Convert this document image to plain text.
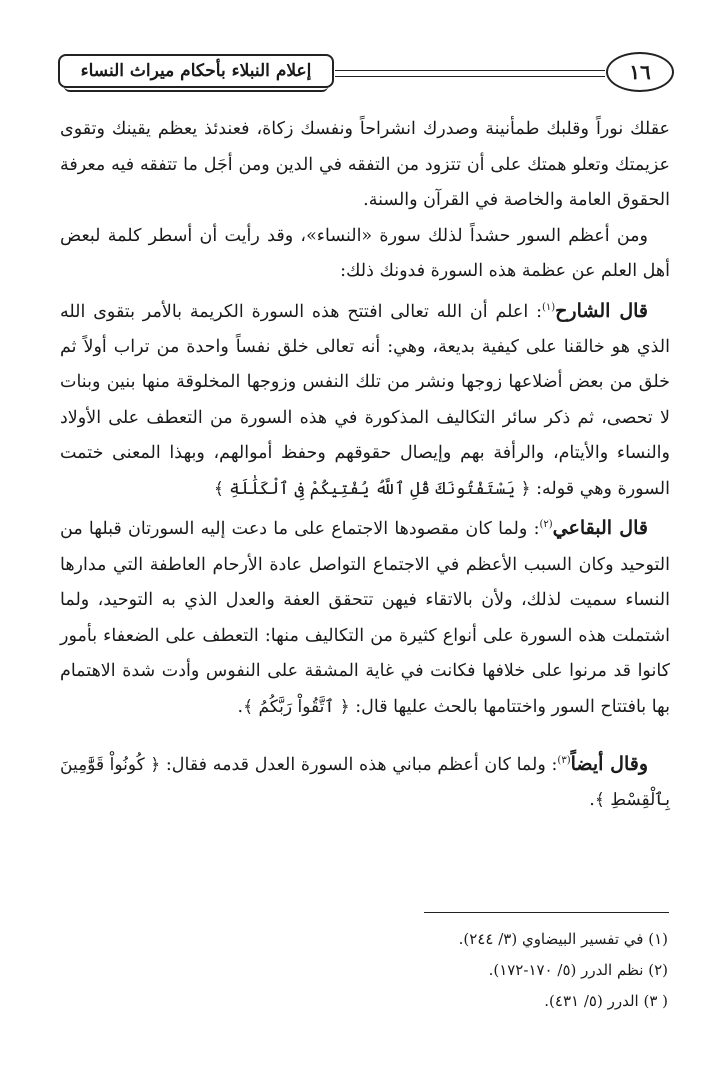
١٦
إعلام النبلاء بأحكام ميراث النساء

عقلك نوراً وقلبك طمأنينة وصدرك انشراحاً ونفسك زكاة، فعندئذ يعظم يقينك وتقوى عزيمتك وتعلو همتك على أن تتزود من التفقه في الدين ومن أجَل ما تتفقه فيه معرفة الحقوق العامة والخاصة في القرآن والسنة.

ومن أعظم السور حشداً لذلك سورة «النساء»، وقد رأيت أن أسطر كلمة لبعض أهل العلم عن عظمة هذه السورة فدونك ذلك:

قال الشارح$^{(١)}$: اعلم أن الله تعالى افتتح هذه السورة الكريمة بالأمر بتقوى الله الذي هو خالقنا على كيفية بديعة، وهي: أنه تعالى خلق نفساً واحدة من تراب أولاً ثم خلق من بعض أضلاعها زوجها ونشر من تلك النفس وزوجها المخلوقة منها بنين وبنات لا تحصى، ثم ذكر سائر التكاليف المذكورة في هذه السورة من التعطف على الأولاد والنساء والأيتام، والرأفة بهم وإيصال حقوقهم وحفظ أموالهم، وبهذا المعنى ختمت السورة وهي قوله: ﴿ يَسْتَفْتُونَكَ قُلِ ٱللَّهُ يُفْتِيكُمْ فِى ٱلْكَلَٰلَةِ ﴾

قال البقاعي$^{(٢)}$: ولما كان مقصودها الاجتماع على ما دعت إليه السورتان قبلها من التوحيد وكان السبب الأعظم في الاجتماع التواصل عادة الأرحام العاطفة التي مدارها النساء سميت لذلك، ولأن بالاتقاء فيهن تتحقق العفة والعدل الذي به التوحيد، ولما اشتملت هذه السورة على أنواع كثيرة من التكاليف منها: التعطف على الضعفاء بأمور كانوا قد مرنوا على خلافها فكانت في غاية المشقة على النفوس وأدت شدة الاهتمام بها بافتتاح السور واختتامها بالحث عليها قال: ﴿ ٱتَّقُواْ رَبَّكُمُ ﴾.

وقال أيضاً$^{(٣)}$: ولما كان أعظم مباني هذه السورة العدل قدمه فقال: ﴿ كُونُواْ قَوَّٰمِينَ بِٱلْقِسْطِ ﴾.

(١) في تفسير البيضاوي (٣/ ٢٤٤).

(٢) نظم الدرر (٥/ ١٧٠-١٧٢).

( ٣) الدرر (٥/ ٤٣١).
